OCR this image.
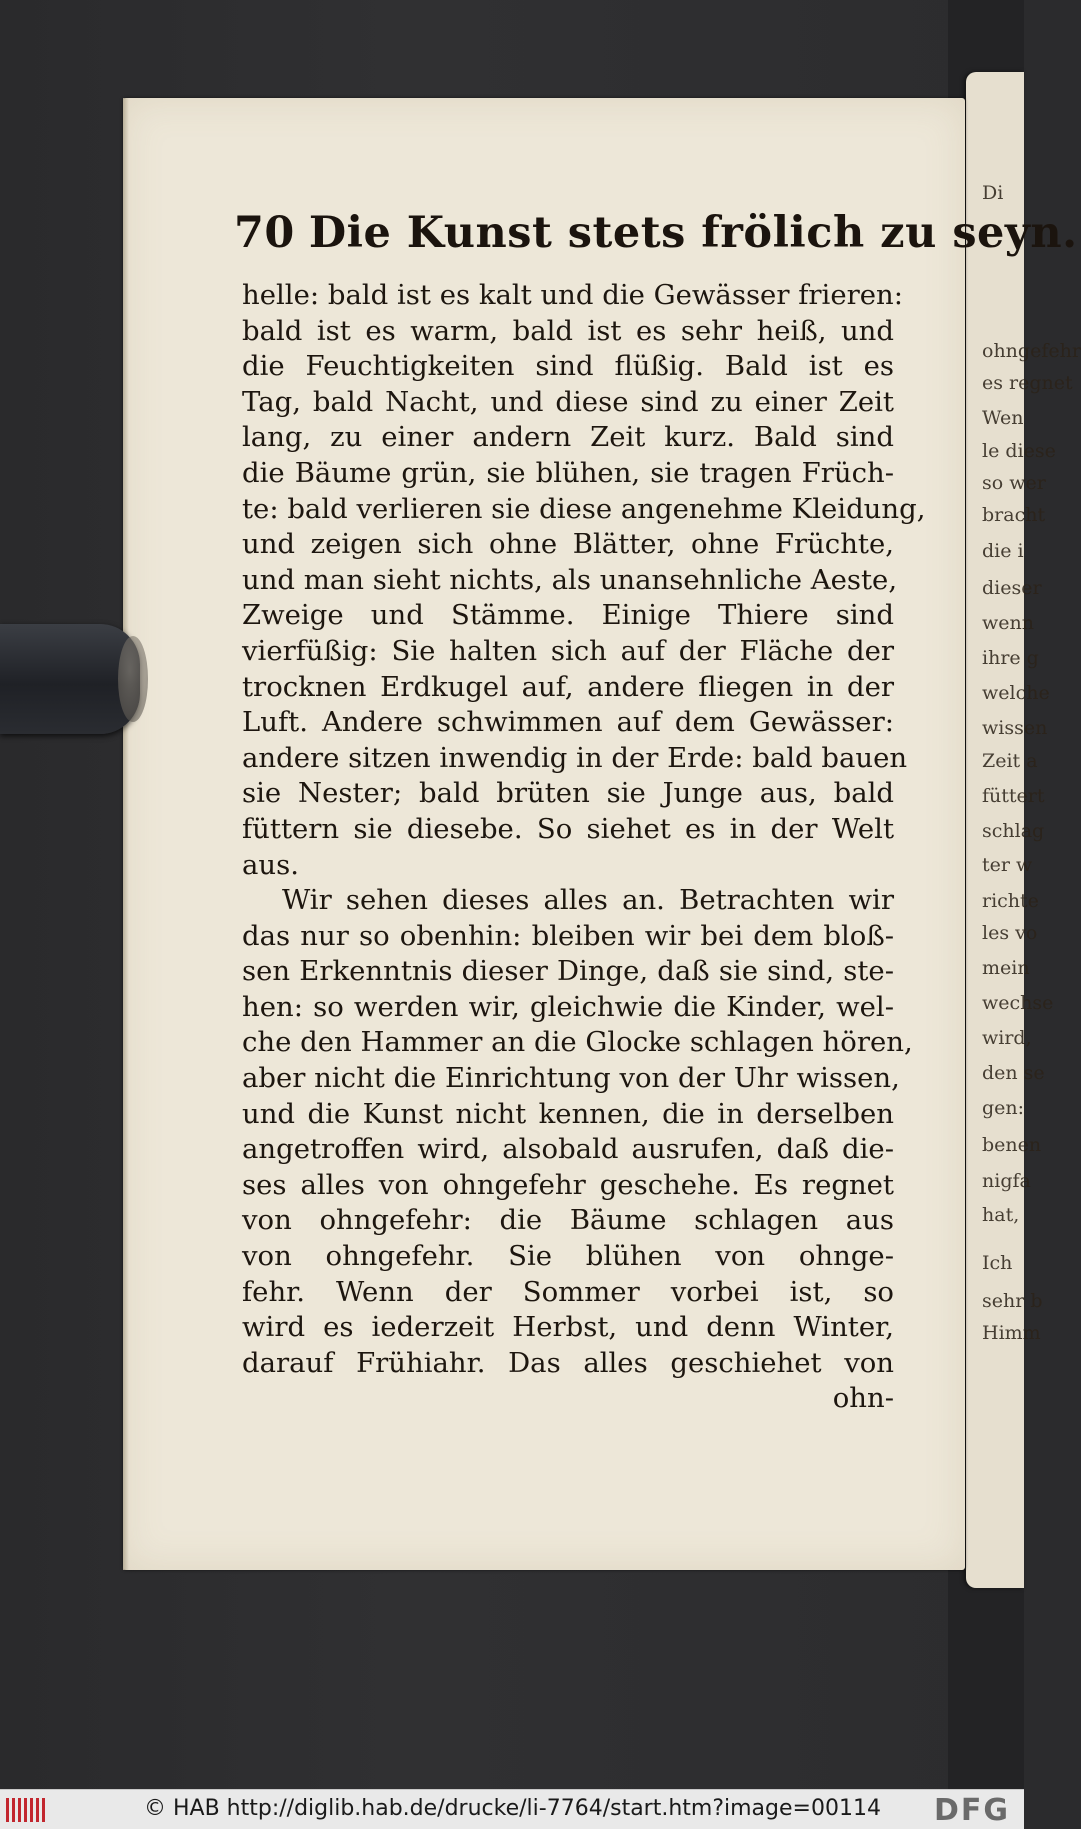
Di
ohngefehr
es regnet
Wen
le diese
so wer
bracht
die i
dieser
wenn
ihre g
welche
wissen
Zeit a
füttert
schlag
ter w
richte
les vo
mein
wechse
wird,
den se
gen:
benen
nigfa
hat,
Ich
sehr b
Himm
70 Die Kunst stets frölich zu seyn.
helle: bald ist es kalt und die Gewässer frieren:
bald ist es warm, bald ist es sehr heiß, und
die Feuchtigkeiten sind flüßig. Bald ist es
Tag, bald Nacht, und diese sind zu einer Zeit
lang, zu einer andern Zeit kurz. Bald sind
die Bäume grün, sie blühen, sie tragen Früch-
te: bald verlieren sie diese angenehme Kleidung,
und zeigen sich ohne Blätter, ohne Früchte,
und man sieht nichts, als unansehnliche Aeste,
Zweige und Stämme. Einige Thiere sind
vierfüßig: Sie halten sich auf der Fläche der
trocknen Erdkugel auf, andere fliegen in der
Luft. Andere schwimmen auf dem Gewässer:
andere sitzen inwendig in der Erde: bald bauen
sie Nester; bald brüten sie Junge aus, bald
füttern sie diesebe. So siehet es in der Welt
aus.
Wir sehen dieses alles an. Betrachten wir
das nur so obenhin: bleiben wir bei dem bloß-
sen Erkenntnis dieser Dinge, daß sie sind, ste-
hen: so werden wir, gleichwie die Kinder, wel-
che den Hammer an die Glocke schlagen hören,
aber nicht die Einrichtung von der Uhr wissen,
und die Kunst nicht kennen, die in derselben
angetroffen wird, alsobald ausrufen, daß die-
ses alles von ohngefehr geschehe. Es regnet
von ohngefehr: die Bäume schlagen aus
von ohngefehr. Sie blühen von ohnge-
fehr. Wenn der Sommer vorbei ist, so
wird es iederzeit Herbst, und denn Winter,
darauf Frühiahr. Das alles geschiehet von
ohn-
© HAB http://diglib.hab.de/drucke/li-7764/start.htm?image=00114 DFG
